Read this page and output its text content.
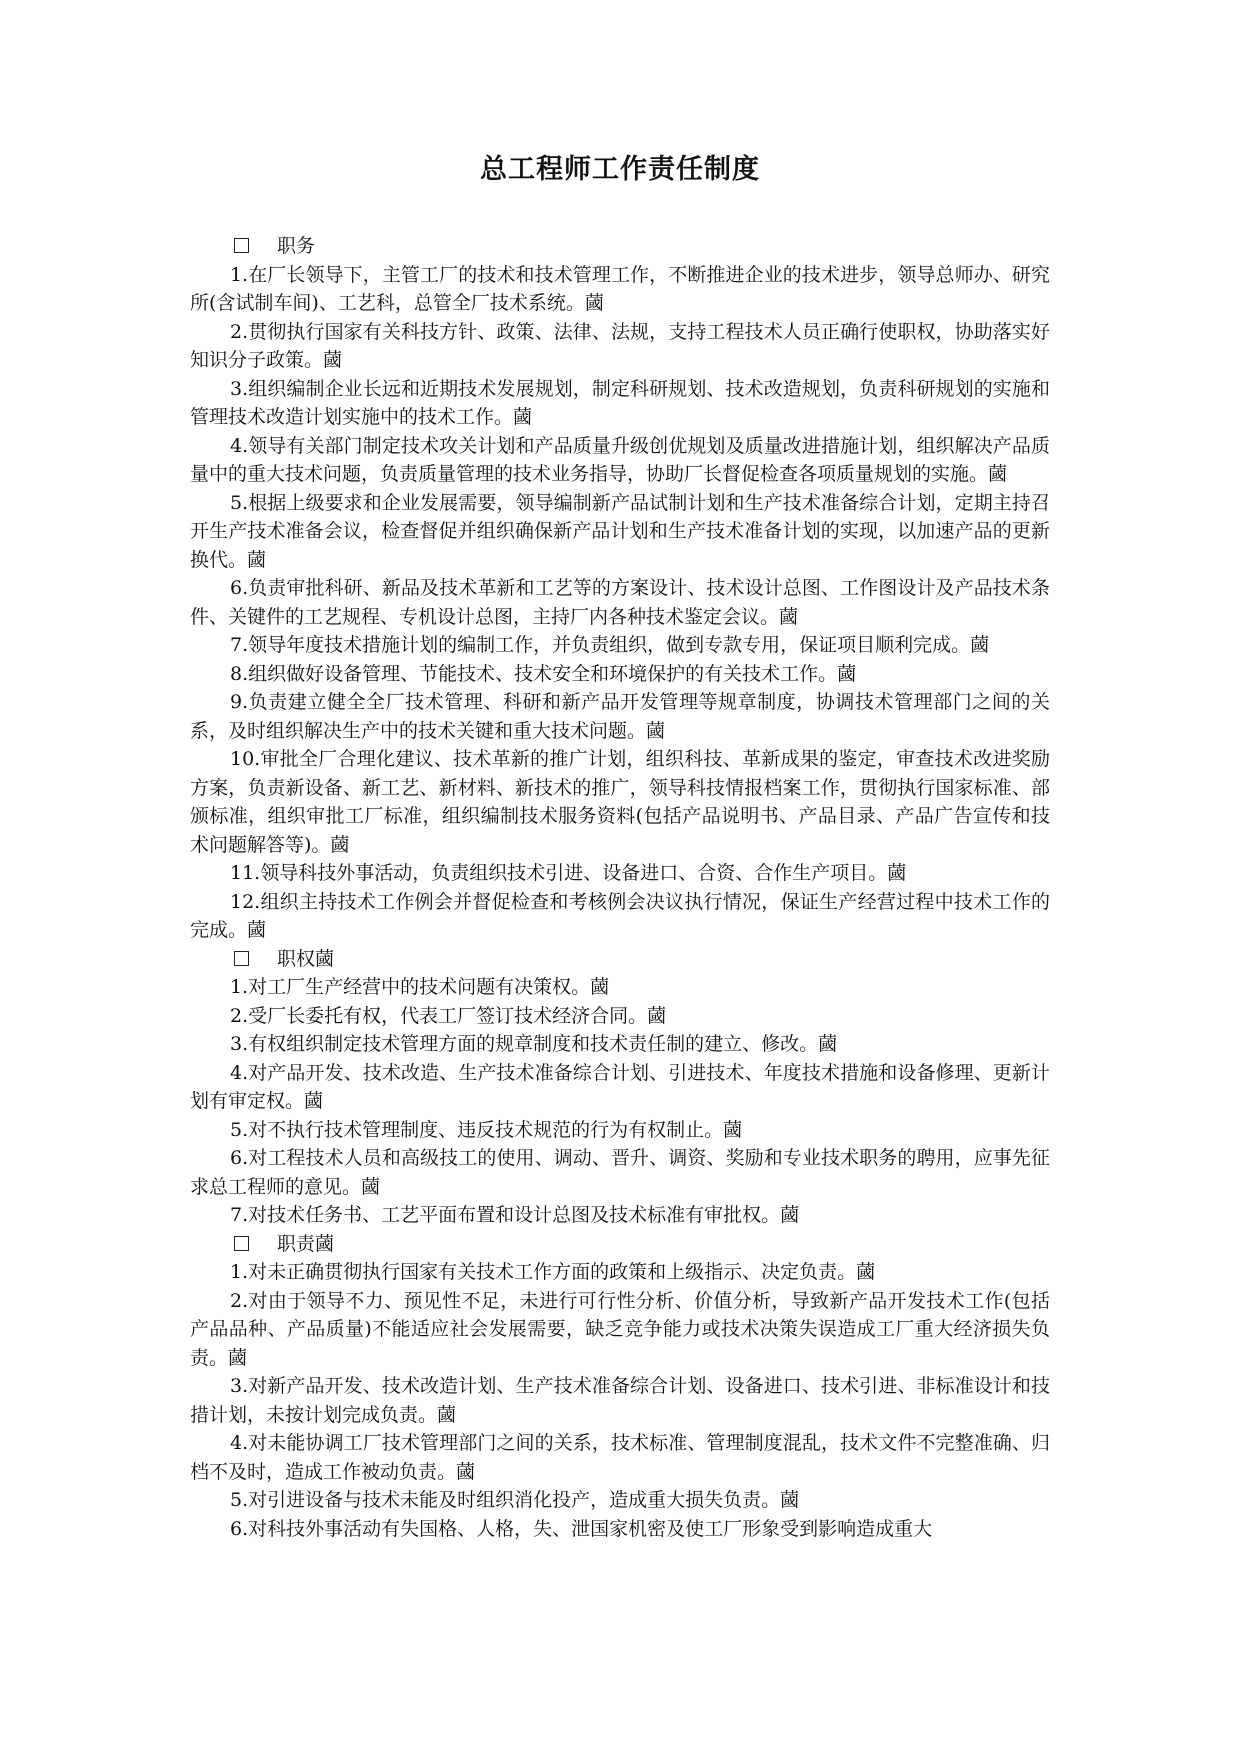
总工程师工作责任制度
职务

1.在厂长领导下，主管工厂的技术和技术管理工作，不断推进企业的技术进步，领导总师办、研究所(含试制车间)、工艺科，总管全厂技术系统。蔮

2.贯彻执行国家有关科技方针、政策、法律、法规，支持工程技术人员正确行使职权，协助落实好知识分子政策。蔮

3.组织编制企业长远和近期技术发展规划，制定科研规划、技术改造规划，负责科研规划的实施和管理技术改造计划实施中的技术工作。蔮

4.领导有关部门制定技术攻关计划和产品质量升级创优规划及质量改进措施计划，组织解决产品质量中的重大技术问题，负责质量管理的技术业务指导，协助厂长督促检查各项质量规划的实施。蔮

5.根据上级要求和企业发展需要，领导编制新产品试制计划和生产技术准备综合计划，定期主持召开生产技术准备会议，检查督促并组织确保新产品计划和生产技术准备计划的实现，以加速产品的更新换代。蔮

6.负责审批科研、新品及技术革新和工艺等的方案设计、技术设计总图、工作图设计及产品技术条件、关键件的工艺规程、专机设计总图，主持厂内各种技术鉴定会议。蔮

7.领导年度技术措施计划的编制工作，并负责组织，做到专款专用，保证项目顺利完成。蔮

8.组织做好设备管理、节能技术、技术安全和环境保护的有关技术工作。蔮

9.负责建立健全全厂技术管理、科研和新产品开发管理等规章制度，协调技术管理部门之间的关系，及时组织解决生产中的技术关键和重大技术问题。蔮

10.审批全厂合理化建议、技术革新的推广计划，组织科技、革新成果的鉴定，审查技术改进奖励方案，负责新设备、新工艺、新材料、新技术的推广，领导科技情报档案工作，贯彻执行国家标准、部颁标准，组织审批工厂标准，组织编制技术服务资料(包括产品说明书、产品目录、产品广告宣传和技术问题解答等)。蔮

11.领导科技外事活动，负责组织技术引进、设备进口、合资、合作生产项目。蔮

12.组织主持技术工作例会并督促检查和考核例会决议执行情况，保证生产经营过程中技术工作的完成。蔮

职权蔮

1.对工厂生产经营中的技术问题有决策权。蔮

2.受厂长委托有权，代表工厂签订技术经济合同。蔮

3.有权组织制定技术管理方面的规章制度和技术责任制的建立、修改。蔮

4.对产品开发、技术改造、生产技术准备综合计划、引进技术、年度技术措施和设备修理、更新计划有审定权。蔮

5.对不执行技术管理制度、违反技术规范的行为有权制止。蔮

6.对工程技术人员和高级技工的使用、调动、晋升、调资、奖励和专业技术职务的聘用，应事先征求总工程师的意见。蔮

7.对技术任务书、工艺平面布置和设计总图及技术标准有审批权。蔮

职责蔮

1.对未正确贯彻执行国家有关技术工作方面的政策和上级指示、决定负责。蔮

2.对由于领导不力、预见性不足，未进行可行性分析、价值分析，导致新产品开发技术工作(包括产品品种、产品质量)不能适应社会发展需要，缺乏竞争能力或技术决策失误造成工厂重大经济损失负责。蔮

3.对新产品开发、技术改造计划、生产技术准备综合计划、设备进口、技术引进、非标准设计和技措计划，未按计划完成负责。蔮

4.对未能协调工厂技术管理部门之间的关系，技术标准、管理制度混乱，技术文件不完整准确、归档不及时，造成工作被动负责。蔮

5.对引进设备与技术未能及时组织消化投产，造成重大损失负责。蔮

6.对科技外事活动有失国格、人格，失、泄国家机密及使工厂形象受到影响造成重大
